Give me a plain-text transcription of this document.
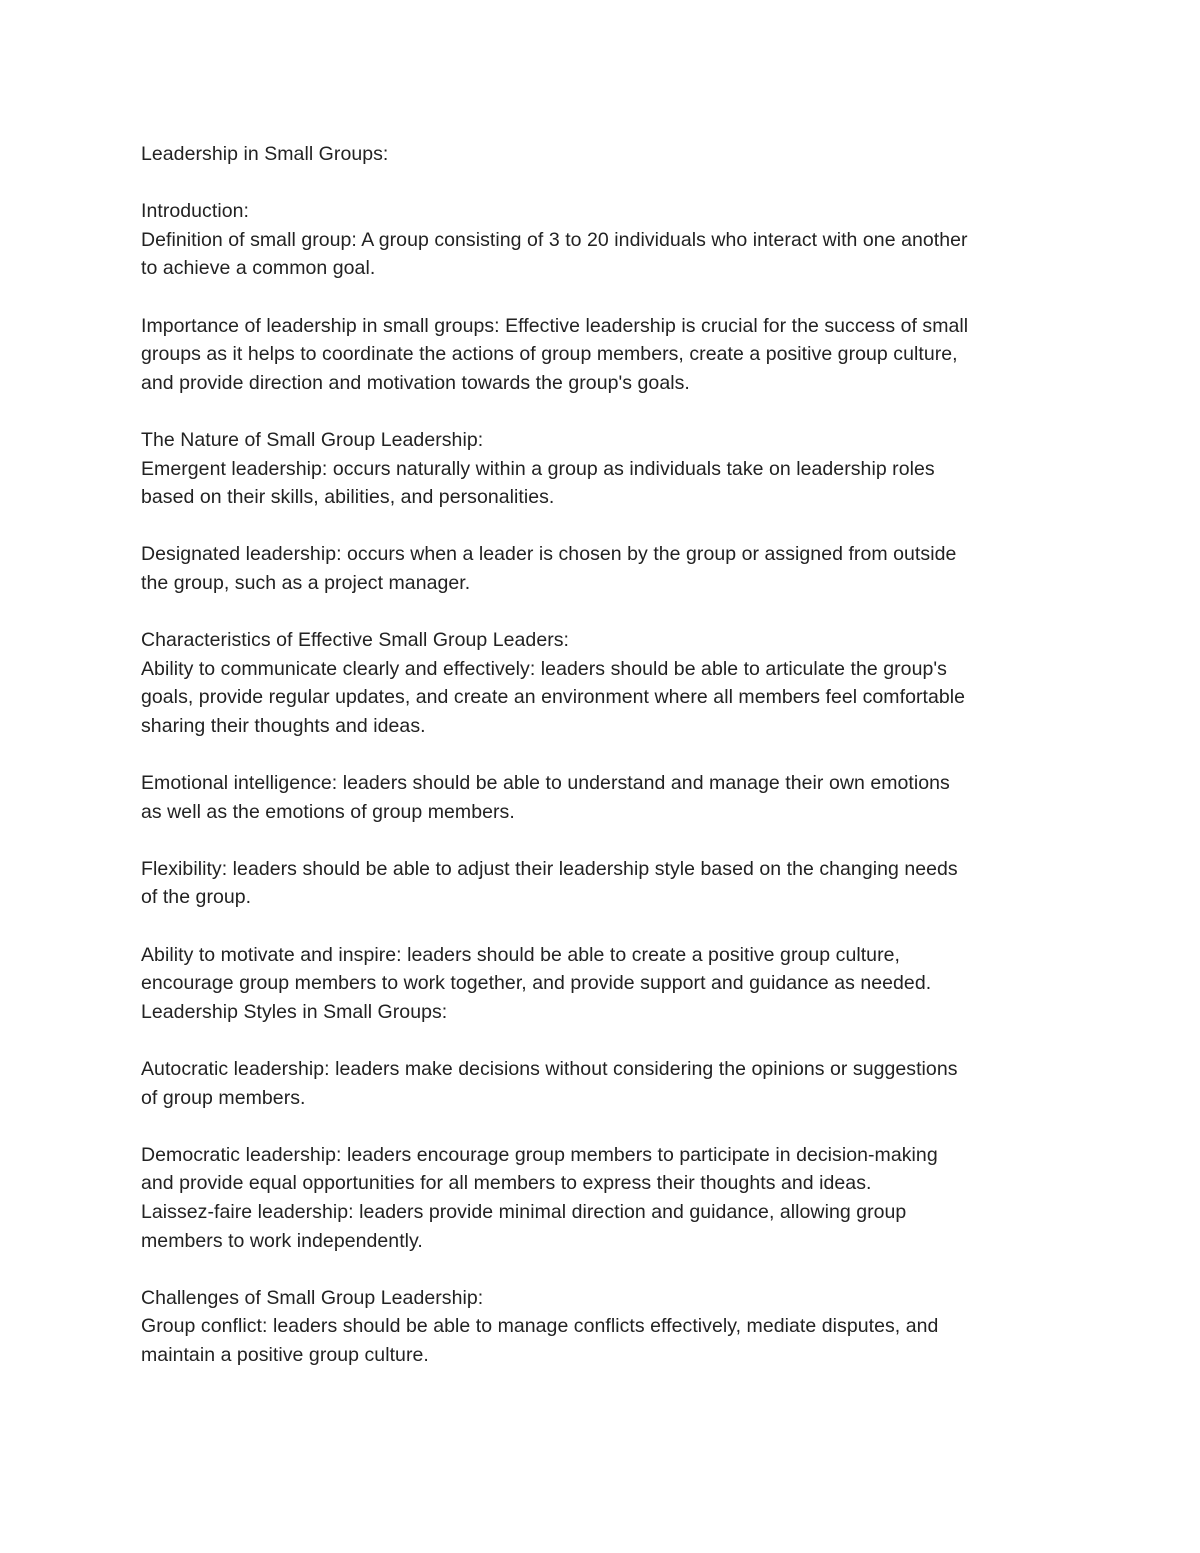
Leadership in Small Groups:
Introduction:
Definition of small group: A group consisting of 3 to 20 individuals who interact with one another
to achieve a common goal.
Importance of leadership in small groups: Effective leadership is crucial for the success of small
groups as it helps to coordinate the actions of group members, create a positive group culture,
and provide direction and motivation towards the group's goals.
The Nature of Small Group Leadership:
Emergent leadership: occurs naturally within a group as individuals take on leadership roles
based on their skills, abilities, and personalities.
Designated leadership: occurs when a leader is chosen by the group or assigned from outside
the group, such as a project manager.
Characteristics of Effective Small Group Leaders:
Ability to communicate clearly and effectively: leaders should be able to articulate the group's
goals, provide regular updates, and create an environment where all members feel comfortable
sharing their thoughts and ideas.
Emotional intelligence: leaders should be able to understand and manage their own emotions
as well as the emotions of group members.
Flexibility: leaders should be able to adjust their leadership style based on the changing needs
of the group.
Ability to motivate and inspire: leaders should be able to create a positive group culture,
encourage group members to work together, and provide support and guidance as needed.
Leadership Styles in Small Groups:
Autocratic leadership: leaders make decisions without considering the opinions or suggestions
of group members.
Democratic leadership: leaders encourage group members to participate in decision-making
and provide equal opportunities for all members to express their thoughts and ideas.
Laissez-faire leadership: leaders provide minimal direction and guidance, allowing group
members to work independently.
Challenges of Small Group Leadership:
Group conflict: leaders should be able to manage conflicts effectively, mediate disputes, and
maintain a positive group culture.
